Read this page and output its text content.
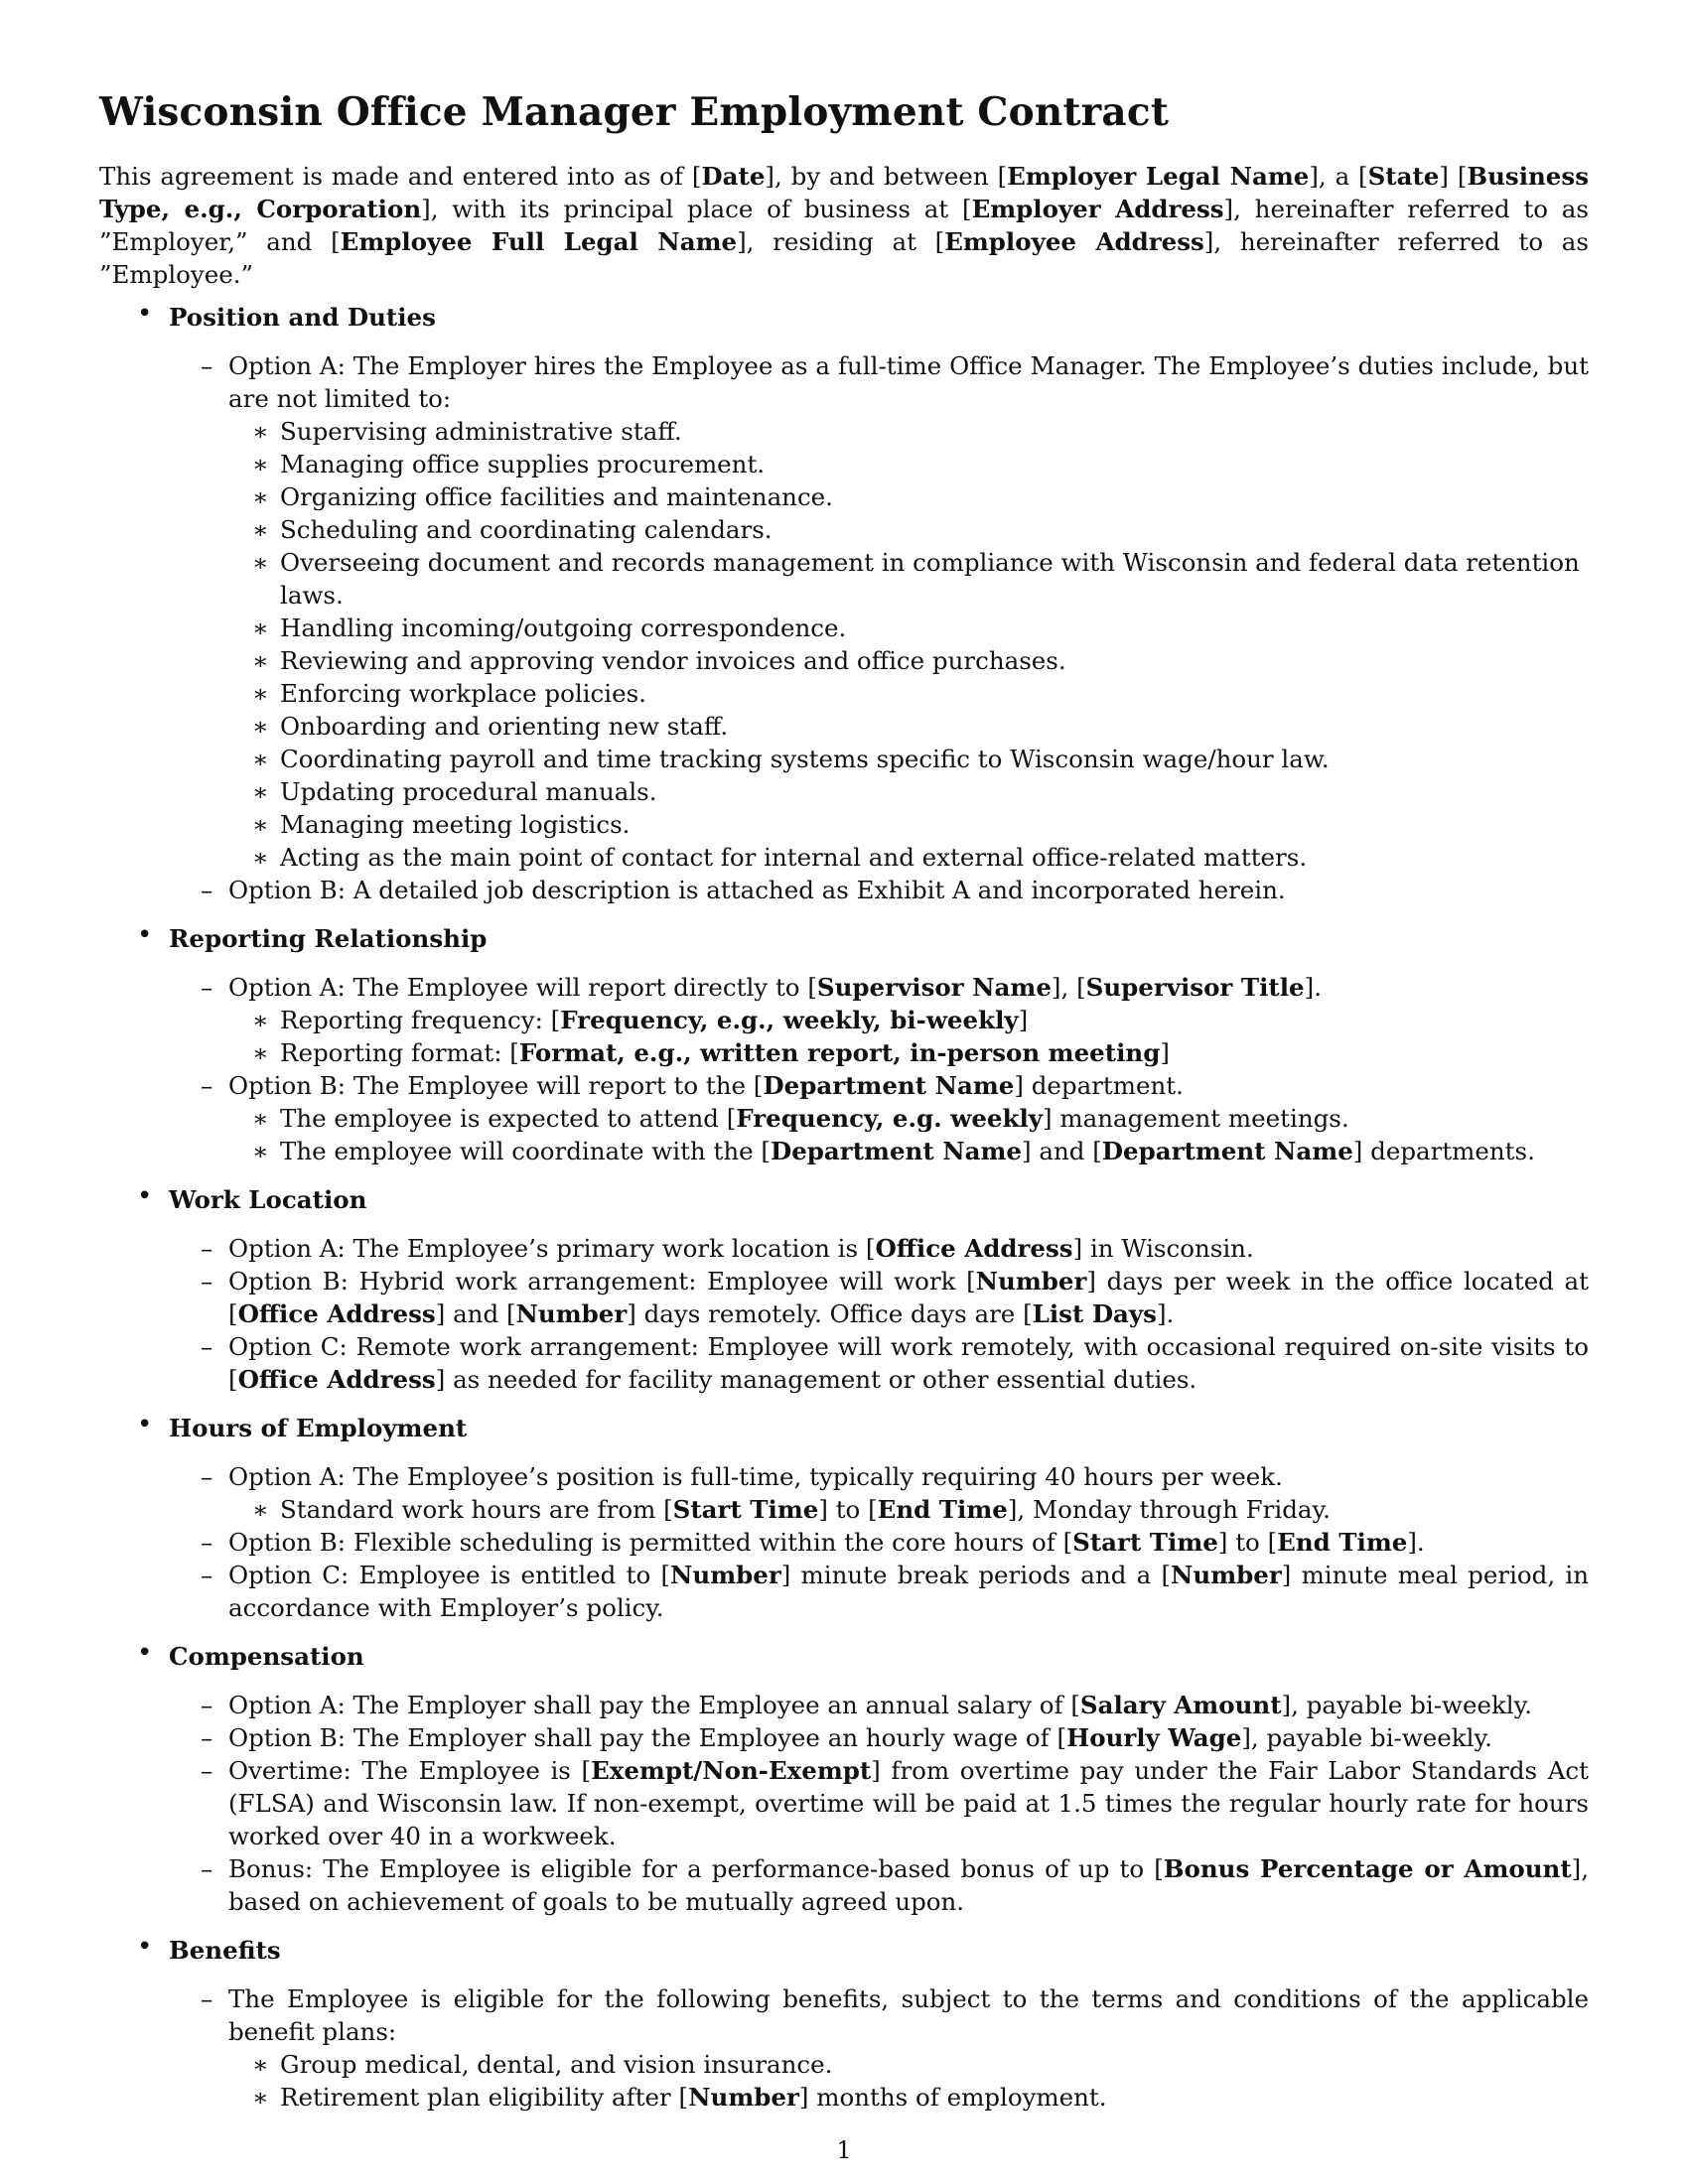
Wisconsin Office Manager Employment Contract

This agreement is made and entered into as of [Date], by and between [Employer Legal Name], a [State] [Business Type, e.g., Corporation], with its principal place of business at [Employer Address], hereinafter referred to as ”Employer,” and [Employee Full Legal Name], residing at [Employee Address], hereinafter referred to as ”Employee.”

• Position and Duties
– Option A: The Employer hires the Employee as a full-time Office Manager. The Employee’s duties include, but are not limited to:
∗ Supervising administrative staff.
∗ Managing office supplies procurement.
∗ Organizing office facilities and maintenance.
∗ Scheduling and coordinating calendars.
∗ Overseeing document and records management in compliance with Wisconsin and federal data retention laws.
∗ Handling incoming/outgoing correspondence.
∗ Reviewing and approving vendor invoices and office purchases.
∗ Enforcing workplace policies.
∗ Onboarding and orienting new staff.
∗ Coordinating payroll and time tracking systems specific to Wisconsin wage/hour law.
∗ Updating procedural manuals.
∗ Managing meeting logistics.
∗ Acting as the main point of contact for internal and external office-related matters.
– Option B: A detailed job description is attached as Exhibit A and incorporated herein.
• Reporting Relationship
– Option A: The Employee will report directly to [Supervisor Name], [Supervisor Title].
∗ Reporting frequency: [Frequency, e.g., weekly, bi-weekly]
∗ Reporting format: [Format, e.g., written report, in-person meeting]
– Option B: The Employee will report to the [Department Name] department.
∗ The employee is expected to attend [Frequency, e.g. weekly] management meetings.
∗ The employee will coordinate with the [Department Name] and [Department Name] departments.
• Work Location
– Option A: The Employee’s primary work location is [Office Address] in Wisconsin.
– Option B: Hybrid work arrangement: Employee will work [Number] days per week in the office located at [Office Address] and [Number] days remotely. Office days are [List Days].
– Option C: Remote work arrangement: Employee will work remotely, with occasional required on-site visits to [Office Address] as needed for facility management or other essential duties.
• Hours of Employment
– Option A: The Employee’s position is full-time, typically requiring 40 hours per week.
∗ Standard work hours are from [Start Time] to [End Time], Monday through Friday.
– Option B: Flexible scheduling is permitted within the core hours of [Start Time] to [End Time].
– Option C: Employee is entitled to [Number] minute break periods and a [Number] minute meal period, in accordance with Employer’s policy.
• Compensation
– Option A: The Employer shall pay the Employee an annual salary of [Salary Amount], payable bi-weekly.
– Option B: The Employer shall pay the Employee an hourly wage of [Hourly Wage], payable bi-weekly.
– Overtime: The Employee is [Exempt/Non-Exempt] from overtime pay under the Fair Labor Standards Act (FLSA) and Wisconsin law. If non-exempt, overtime will be paid at 1.5 times the regular hourly rate for hours worked over 40 in a workweek.
– Bonus: The Employee is eligible for a performance-based bonus of up to [Bonus Percentage or Amount], based on achievement of goals to be mutually agreed upon.
• Benefits
– The Employee is eligible for the following benefits, subject to the terms and conditions of the applicable benefit plans:
∗ Group medical, dental, and vision insurance.
∗ Retirement plan eligibility after [Number] months of employment.
1
